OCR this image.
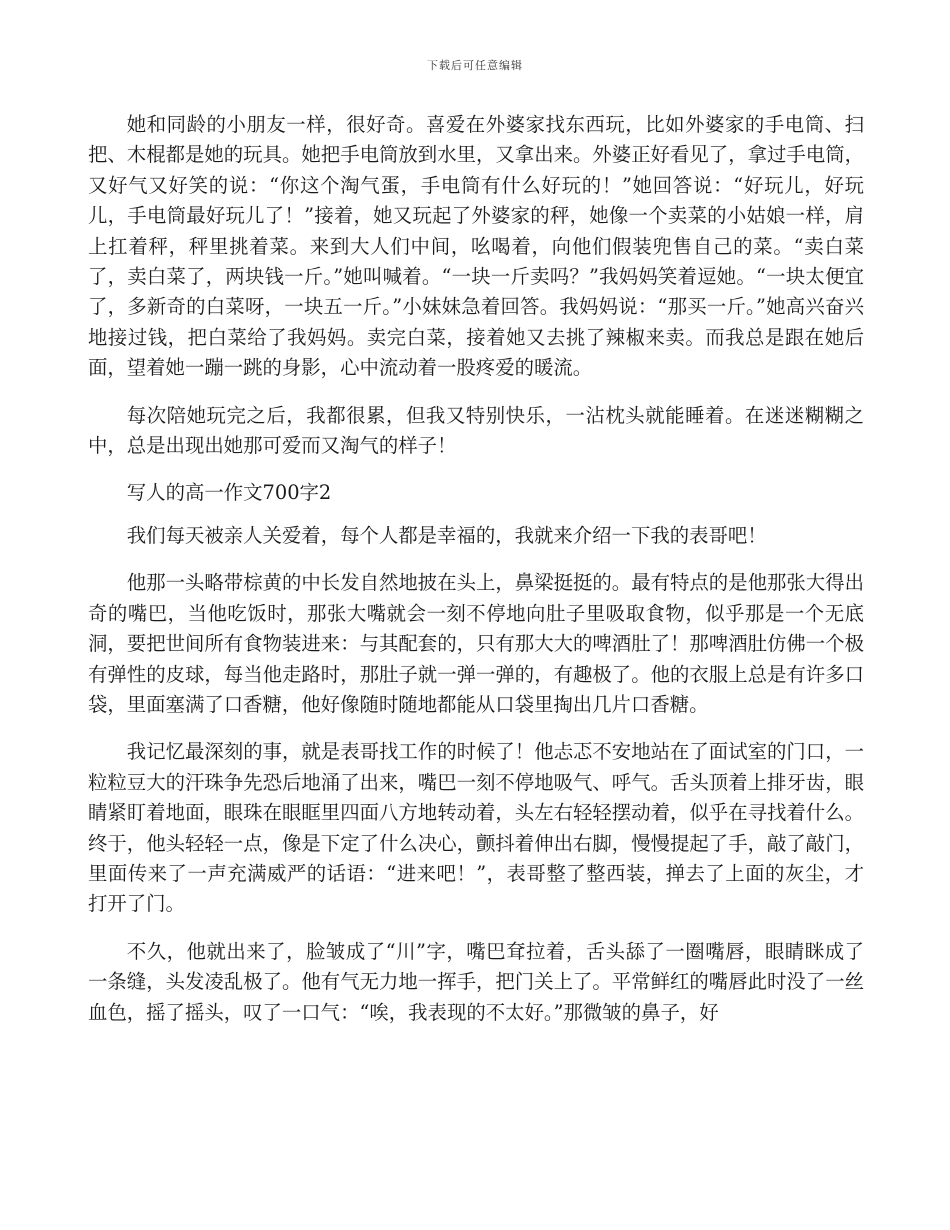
下载后可任意编辑

她和同龄的小朋友一样，很好奇。喜爱在外婆家找东西玩，比如外婆家的手电筒、扫把、木棍都是她的玩具。她把手电筒放到水里，又拿出来。外婆正好看见了，拿过手电筒，又好气又好笑的说：“你这个淘气蛋，手电筒有什么好玩的！”她回答说：“好玩儿，好玩儿，手电筒最好玩儿了！”接着，她又玩起了外婆家的秤，她像一个卖菜的小姑娘一样，肩上扛着秤，秤里挑着菜。来到大人们中间，吆喝着，向他们假装兜售自己的菜。“卖白菜了，卖白菜了，两块钱一斤。”她叫喊着。“一块一斤卖吗？”我妈妈笑着逗她。“一块太便宜了，多新奇的白菜呀，一块五一斤。”小妹妹急着回答。我妈妈说：“那买一斤。”她高兴奋兴地接过钱，把白菜给了我妈妈。卖完白菜，接着她又去挑了辣椒来卖。而我总是跟在她后面，望着她一蹦一跳的身影，心中流动着一股疼爱的暖流。

每次陪她玩完之后，我都很累，但我又特别快乐，一沾枕头就能睡着。在迷迷糊糊之中，总是出现出她那可爱而又淘气的样子！

写人的高一作文700字2

我们每天被亲人关爱着，每个人都是幸福的，我就来介绍一下我的表哥吧！

他那一头略带棕黄的中长发自然地披在头上，鼻梁挺挺的。最有特点的是他那张大得出奇的嘴巴，当他吃饭时，那张大嘴就会一刻不停地向肚子里吸取食物，似乎那是一个无底洞，要把世间所有食物装进来：与其配套的，只有那大大的啤酒肚了！那啤酒肚仿佛一个极有弹性的皮球，每当他走路时，那肚子就一弹一弹的，有趣极了。他的衣服上总是有许多口袋，里面塞满了口香糖，他好像随时随地都能从口袋里掏出几片口香糖。

我记忆最深刻的事，就是表哥找工作的时候了！他忐忑不安地站在了面试室的门口，一粒粒豆大的汗珠争先恐后地涌了出来，嘴巴一刻不停地吸气、呼气。舌头顶着上排牙齿，眼睛紧盯着地面，眼珠在眼眶里四面八方地转动着，头左右轻轻摆动着，似乎在寻找着什么。终于，他头轻轻一点，像是下定了什么决心，颤抖着伸出右脚，慢慢提起了手，敲了敲门，里面传来了一声充满威严的话语：“进来吧！”，表哥整了整西装，掸去了上面的灰尘，才打开了门。

不久，他就出来了，脸皱成了“川”字，嘴巴耷拉着，舌头舔了一圈嘴唇，眼睛眯成了一条缝，头发凌乱极了。他有气无力地一挥手，把门关上了。平常鲜红的嘴唇此时没了一丝血色，摇了摇头，叹了一口气：“唉，我表现的不太好。”那微皱的鼻子，好
